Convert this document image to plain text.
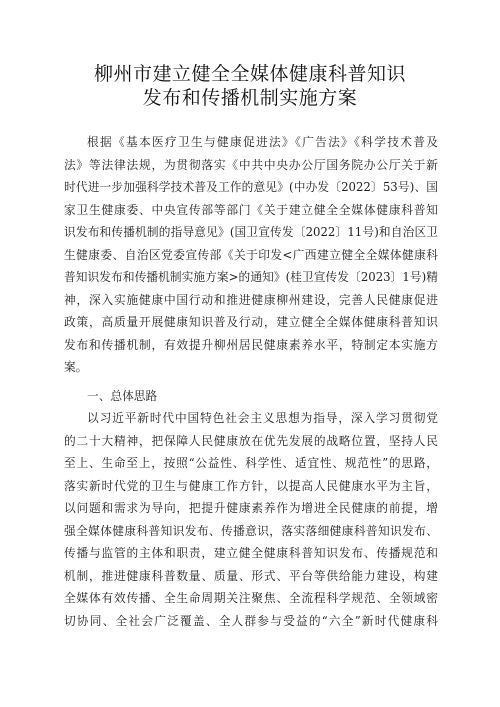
柳州市建立健全全媒体健康科普知识
发布和传播机制实施方案
根据《基本医疗卫生与健康促进法》《广告法》《科学技术普及
法》等法律法规，为贯彻落实《中共中央办公厅国务院办公厅关于新
时代进一步加强科学技术普及工作的意见》(中办发〔2022〕53号)、国
家卫生健康委、中央宣传部等部门《关于建立健全全媒体健康科普知
识发布和传播机制的指导意见》(国卫宣传发〔2022〕11号)和自治区卫
生健康委、自治区党委宣传部《关于印发<广西建立健全全媒体健康科
普知识发布和传播机制实施方案>的通知》(桂卫宣传发〔2023〕1号)精
神，深入实施健康中国行动和推进健康柳州建设，完善人民健康促进
政策，高质量开展健康知识普及行动，建立健全全媒体健康科普知识
发布和传播机制，有效提升柳州居民健康素养水平，特制定本实施方
案。
一、总体思路
以习近平新时代中国特色社会主义思想为指导，深入学习贯彻党
的二十大精神，把保障人民健康放在优先发展的战略位置，坚持人民
至上、生命至上，按照“公益性、科学性、适宜性、规范性”的思路，
落实新时代党的卫生与健康工作方针，以提高人民健康水平为主旨，
以问题和需求为导向，把提升健康素养作为增进全民健康的前提，增
强全媒体健康科普知识发布、传播意识，落实落细健康科普知识发布、
传播与监管的主体和职责，建立健全健康科普知识发布、传播规范和
机制，推进健康科普数量、质量、形式、平台等供给能力建设，构建
全媒体有效传播、全生命周期关注聚焦、全流程科学规范、全领域密
切协同、全社会广泛覆盖、全人群参与受益的“六全”新时代健康科
